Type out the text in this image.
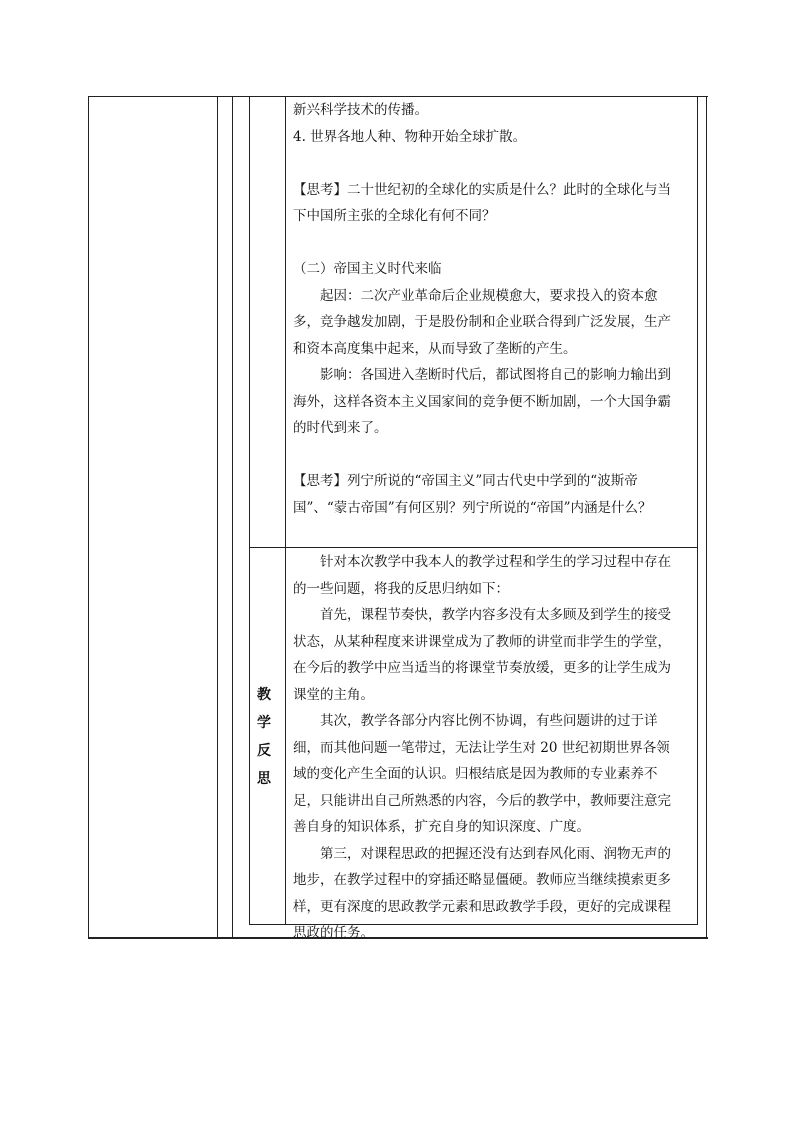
新兴科学技术的传播。

4. 世界各地人种、物种开始全球扩散。

【思考】二十世纪初的全球化的实质是什么？此时的全球化与当

下中国所主张的全球化有何不同？

（二）帝国主义时代来临

起因：二次产业革命后企业规模愈大，要求投入的资本愈

多，竞争越发加剧，于是股份制和企业联合得到广泛发展，生产

和资本高度集中起来，从而导致了垄断的产生。

影响：各国进入垄断时代后，都试图将自己的影响力输出到

海外，这样各资本主义国家间的竞争便不断加剧，一个大国争霸

的时代到来了。

【思考】列宁所说的“帝国主义”同古代史中学到的“波斯帝

国”、“蒙古帝国”有何区别？列宁所说的“帝国”内涵是什么？

教
学
反
思

针对本次教学中我本人的教学过程和学生的学习过程中存在

的一些问题，将我的反思归纳如下：

首先，课程节奏快，教学内容多没有太多顾及到学生的接受

状态，从某种程度来讲课堂成为了教师的讲堂而非学生的学堂，

在今后的教学中应当适当的将课堂节奏放缓，更多的让学生成为

课堂的主角。

其次，教学各部分内容比例不协调，有些问题讲的过于详

细，而其他问题一笔带过，无法让学生对 20 世纪初期世界各领

域的变化产生全面的认识。归根结底是因为教师的专业素养不

足，只能讲出自己所熟悉的内容，今后的教学中，教师要注意完

善自身的知识体系，扩充自身的知识深度、广度。

第三，对课程思政的把握还没有达到春风化雨、润物无声的

地步，在教学过程中的穿插还略显僵硬。教师应当继续摸索更多

样，更有深度的思政教学元素和思政教学手段，更好的完成课程

思政的任务。
